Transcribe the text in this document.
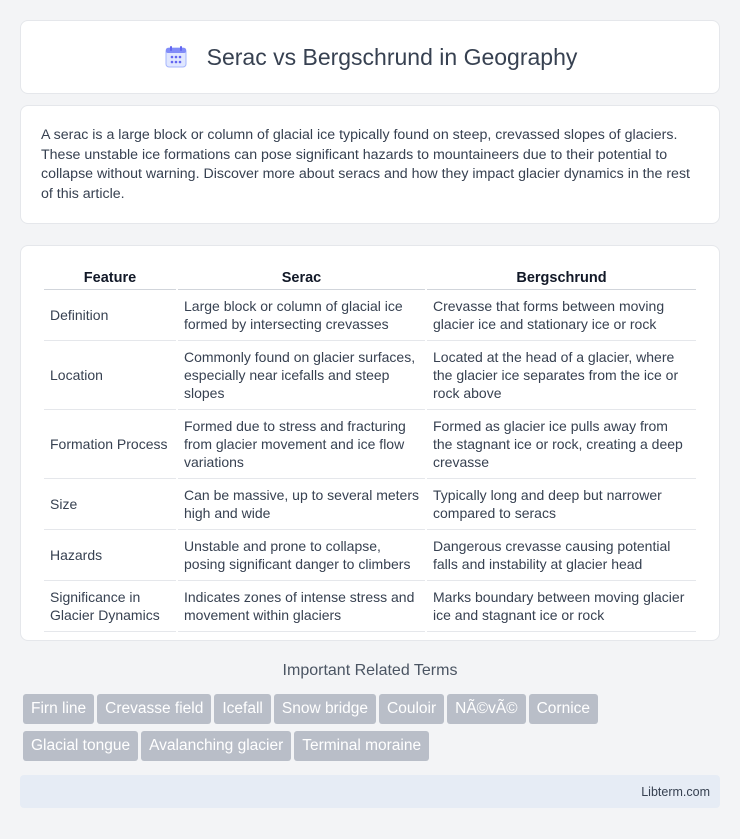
Serac vs Bergschrund in Geography

A serac is a large block or column of glacial ice typically found on steep, crevassed slopes of glaciers. These unstable ice formations can pose significant hazards to mountaineers due to their potential to collapse without warning. Discover more about seracs and how they impact glacier dynamics in the rest of this article.

Feature	Serac	Bergschrund
Definition	Large block or column of glacial ice formed by intersecting crevasses	Crevasse that forms between moving glacier ice and stationary ice or rock
Location	Commonly found on glacier surfaces, especially near icefalls and steep slopes	Located at the head of a glacier, where the glacier ice separates from the ice or rock above
Formation Process	Formed due to stress and fracturing from glacier movement and ice flow variations	Formed as glacier ice pulls away from the stagnant ice or rock, creating a deep crevasse
Size	Can be massive, up to several meters high and wide	Typically long and deep but narrower compared to seracs
Hazards	Unstable and prone to collapse, posing significant danger to climbers	Dangerous crevasse causing potential falls and instability at glacier head
Significance in Glacier Dynamics	Indicates zones of intense stress and movement within glaciers	Marks boundary between moving glacier ice and stagnant ice or rock
Important Related Terms
Firn line Crevasse field Icefall Snow bridge Couloir NÃ©vÃ© Cornice
Glacial tongue Avalanching glacier Terminal moraine
Libterm.com
